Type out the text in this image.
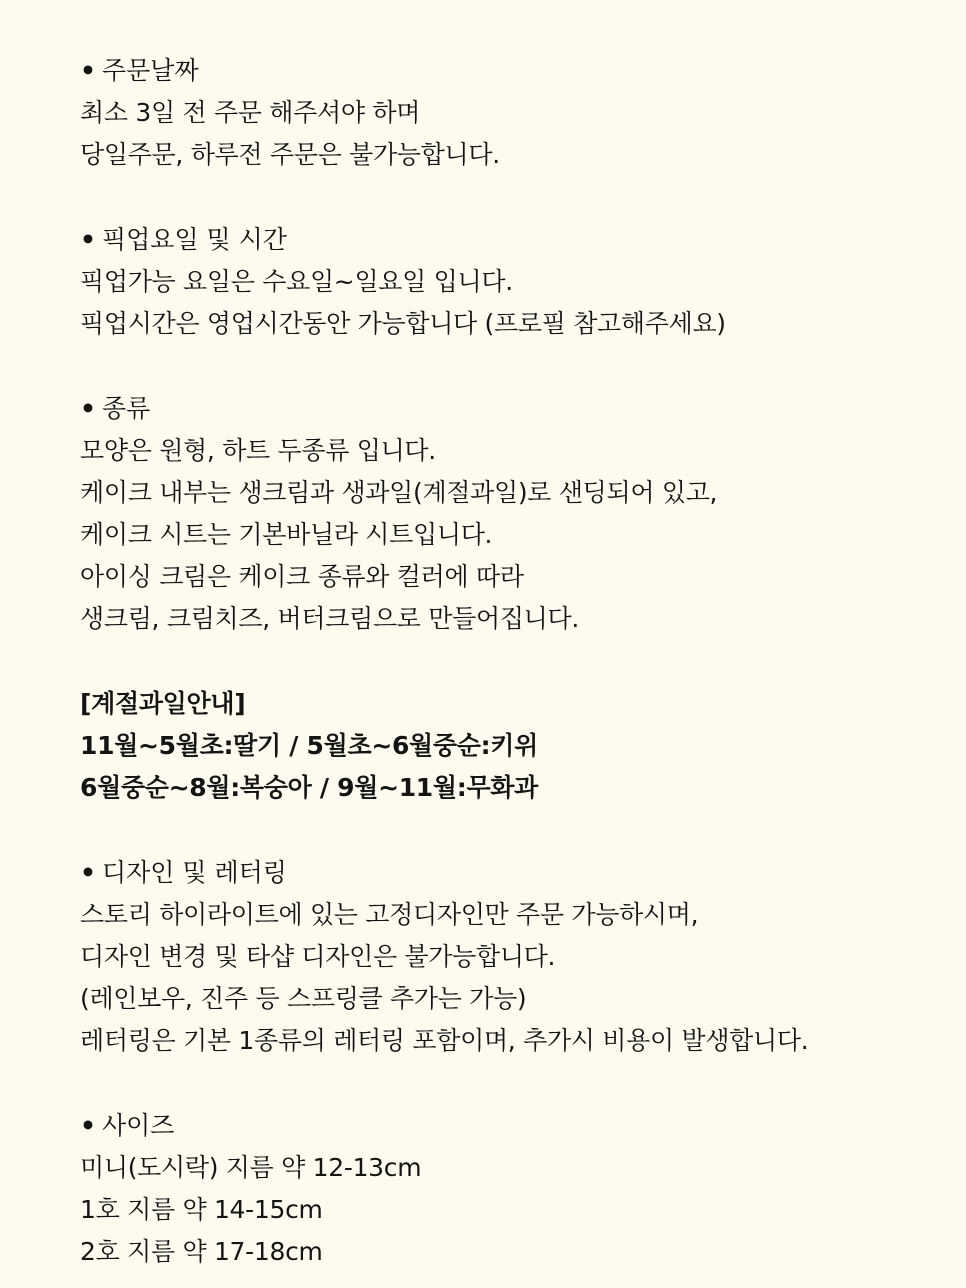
• 주문날짜
최소 3일 전 주문 해주셔야 하며
당일주문, 하루전 주문은 불가능합니다.
• 픽업요일 및 시간
픽업가능 요일은 수요일~일요일 입니다.
픽업시간은 영업시간동안 가능합니다 (프로필 참고해주세요)
• 종류
모양은 원형, 하트 두종류 입니다.
케이크 내부는 생크림과 생과일(계절과일)로 샌딩되어 있고,
케이크 시트는 기본바닐라 시트입니다.
아이싱 크림은 케이크 종류와 컬러에 따라
생크림, 크림치즈, 버터크림으로 만들어집니다.
[계절과일안내]
11월~5월초:딸기 / 5월초~6월중순:키위
6월중순~8월:복숭아 / 9월~11월:무화과
• 디자인 및 레터링
스토리 하이라이트에 있는 고정디자인만 주문 가능하시며,
디자인 변경 및 타샵 디자인은 불가능합니다.
(레인보우, 진주 등 스프링클 추가는 가능)
레터링은 기본 1종류의 레터링 포함이며, 추가시 비용이 발생합니다.
• 사이즈
미니(도시락) 지름 약 12-13cm
1호 지름 약 14-15cm
2호 지름 약 17-18cm
